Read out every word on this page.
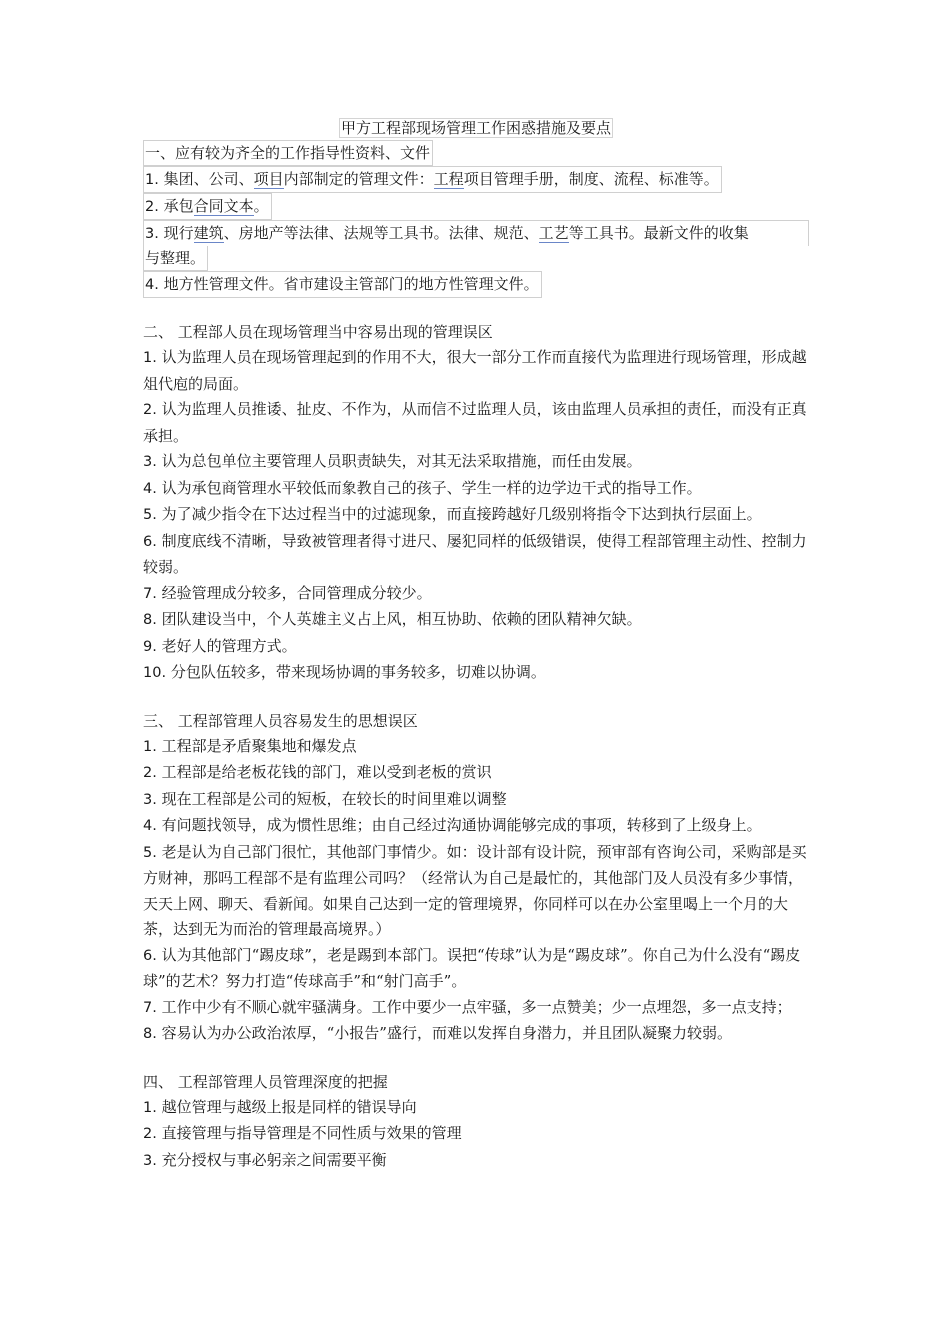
甲方工程部现场管理工作困惑措施及要点
一、应有较为齐全的工作指导性资料、文件
1. 集团、公司、项目内部制定的管理文件：工程项目管理手册，制度、流程、标准等。
2. 承包合同文本。
3. 现行建筑、房地产等法律、法规等工具书。法律、规范、工艺等工具书。最新文件的收集
与整理。
4. 地方性管理文件。省市建设主管部门的地方性管理文件。
二、 工程部人员在现场管理当中容易出现的管理误区
1. 认为监理人员在现场管理起到的作用不大，很大一部分工作而直接代为监理进行现场管理，形成越俎代庖的局面。
2. 认为监理人员推诿、扯皮、不作为，从而信不过监理人员，该由监理人员承担的责任，而没有正真承担。
3. 认为总包单位主要管理人员职责缺失，对其无法采取措施，而任由发展。
4. 认为承包商管理水平较低而象教自己的孩子、学生一样的边学边干式的指导工作。
5. 为了减少指令在下达过程当中的过滤现象，而直接跨越好几级别将指令下达到执行层面上。
6. 制度底线不清晰，导致被管理者得寸进尺、屡犯同样的低级错误，使得工程部管理主动性、控制力较弱。
7. 经验管理成分较多，合同管理成分较少。
8. 团队建设当中，个人英雄主义占上风，相互协助、依赖的团队精神欠缺。
9. 老好人的管理方式。
10. 分包队伍较多，带来现场协调的事务较多，切难以协调。
三、 工程部管理人员容易发生的思想误区
1. 工程部是矛盾聚集地和爆发点
2. 工程部是给老板花钱的部门，难以受到老板的赏识
3. 现在工程部是公司的短板，在较长的时间里难以调整
4. 有问题找领导，成为惯性思维；由自己经过沟通协调能够完成的事项，转移到了上级身上。
5. 老是认为自己部门很忙，其他部门事情少。如：设计部有设计院，预审部有咨询公司，采购部是买方财神，那吗工程部不是有监理公司吗？（经常认为自己是最忙的，其他部门及人员没有多少事情，天天上网、聊天、看新闻。如果自己达到一定的管理境界，你同样可以在办公室里喝上一个月的大茶，达到无为而治的管理最高境界。）
6. 认为其他部门“踢皮球”，老是踢到本部门。误把“传球”认为是“踢皮球”。你自己为什么没有“踢皮球”的艺术？努力打造“传球高手”和“射门高手”。
7. 工作中少有不顺心就牢骚满身。工作中要少一点牢骚，多一点赞美；少一点埋怨，多一点支持；
8. 容易认为办公政治浓厚，“小报告”盛行，而难以发挥自身潜力，并且团队凝聚力较弱。
四、 工程部管理人员管理深度的把握
1. 越位管理与越级上报是同样的错误导向
2. 直接管理与指导管理是不同性质与效果的管理
3. 充分授权与事必躬亲之间需要平衡
